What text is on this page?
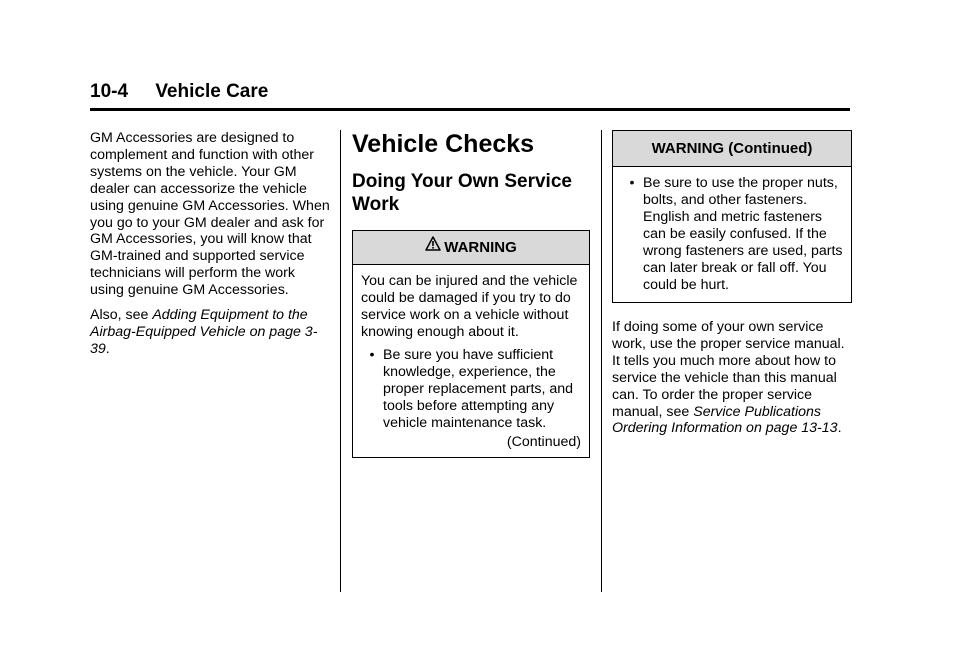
10-4 Vehicle Care

GM Accessories are designed to complement and function with other systems on the vehicle. Your GM dealer can accessorize the vehicle using genuine GM Accessories. When you go to your GM dealer and ask for GM Accessories, you will know that GM-trained and supported service technicians will perform the work using genuine GM Accessories.

Also, see Adding Equipment to the Airbag-Equipped Vehicle on page 3-39.

Vehicle Checks
Doing Your Own Service Work
WARNING
You can be injured and the vehicle could be damaged if you try to do service work on a vehicle without knowing enough about it.
• Be sure you have sufficient knowledge, experience, the proper replacement parts, and tools before attempting any vehicle maintenance task.
(Continued)
WARNING (Continued)
• Be sure to use the proper nuts, bolts, and other fasteners. English and metric fasteners can be easily confused. If the wrong fasteners are used, parts can later break or fall off. You could be hurt.

If doing some of your own service work, use the proper service manual. It tells you much more about how to service the vehicle than this manual can. To order the proper service manual, see Service Publications Ordering Information on page 13-13.
